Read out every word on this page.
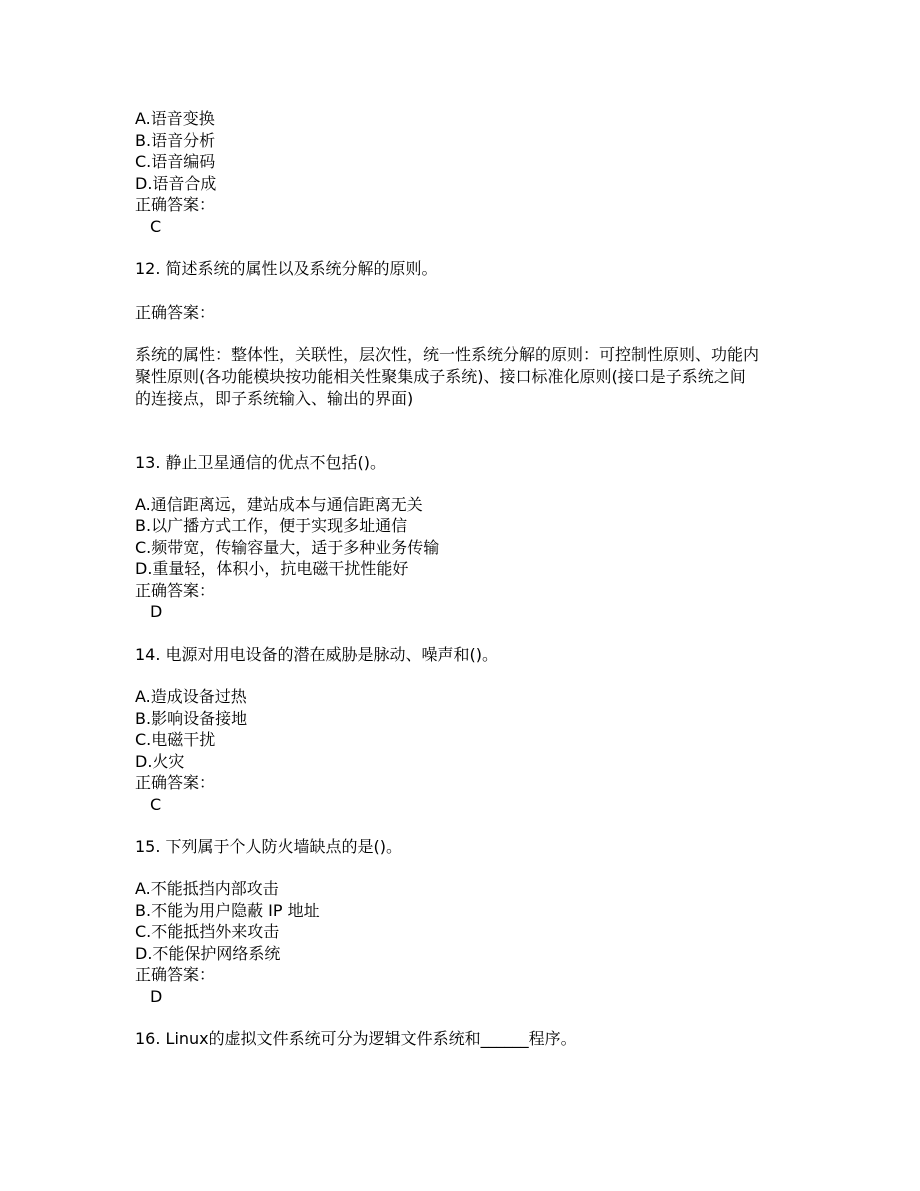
A.语音变换
B.语音分析
C.语音编码
D.语音合成
正确答案：
C
12. 简述系统的属性以及系统分解的原则。
正确答案：
系统的属性：整体性，关联性，层次性，统一性系统分解的原则：可控制性原则、功能内
聚性原则(各功能模块按功能相关性聚集成子系统)、接口标准化原则(接口是子系统之间
的连接点，即子系统输入、输出的界面)
13. 静止卫星通信的优点不包括()。
A.通信距离远，建站成本与通信距离无关
B.以广播方式工作，便于实现多址通信
C.频带宽，传输容量大，适于多种业务传输
D.重量轻，体积小，抗电磁干扰性能好
正确答案：
D
14. 电源对用电设备的潜在威胁是脉动、噪声和()。
A.造成设备过热
B.影响设备接地
C.电磁干扰
D.火灾
正确答案：
C
15. 下列属于个人防火墙缺点的是()。
A.不能抵挡内部攻击
B.不能为用户隐蔽 IP 地址
C.不能抵挡外来攻击
D.不能保护网络系统
正确答案：
D
16. Linux的虚拟文件系统可分为逻辑文件系统和______程序。
